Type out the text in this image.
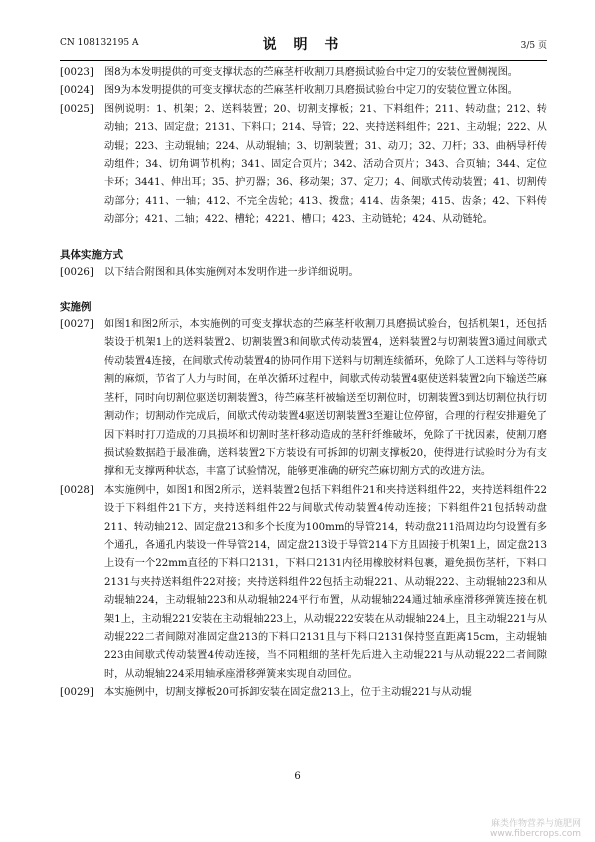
CN 108132195 A	说 明 书	3/5 页
[0023] 图8为本发明提供的可变支撑状态的苎麻茎杆收割刀具磨损试验台中定刀的安装位置侧视图。
[0024] 图9为本发明提供的可变支撑状态的苎麻茎杆收割刀具磨损试验台中定刀的安装位置立体图。
[0025] 图例说明：1、机架；2、送料装置；20、切割支撑板；21、下料组件；211、转动盘；212、转动轴；213、固定盘；2131、下料口；214、导管；22、夹持送料组件；221、主动辊；222、从动辊；223、主动辊轴；224、从动辊轴；3、切割装置；31、动刀；32、刀杆；33、曲柄导杆传动组件；34、切角调节机构；341、固定合页片；342、活动合页片；343、合页轴；344、定位卡环；3441、伸出耳；35、护刃器；36、移动架；37、定刀；4、间歇式传动装置；41、切割传动部分；411、一轴；412、不完全齿轮；413、拨盘；414、齿条架；415、齿条；42、下料传动部分；421、二轴；422、槽轮；4221、槽口；423、主动链轮；424、从动链轮。
具体实施方式
[0026] 以下结合附图和具体实施例对本发明作进一步详细说明。
实施例
[0027] 如图1和图2所示，本实施例的可变支撑状态的苎麻茎杆收割刀具磨损试验台，包括机架1，还包括装设于机架1上的送料装置2、切割装置3和间歇式传动装置4，送料装置2与切割装置3通过间歇式传动装置4连接，在间歇式传动装置4的协同作用下送料与切割连续循环，免除了人工送料与等待切割的麻烦，节省了人力与时间，在单次循环过程中，间歇式传动装置4驱使送料装置2向下输送苎麻茎杆，同时向切割位驱送切割装置3，待苎麻茎杆被输送至切割位时，切割装置3到达切割位执行切割动作；切割动作完成后，间歇式传动装置4驱送切割装置3至避让位停留，合理的行程安排避免了因下料时打刀造成的刀具损坏和切割时茎杆移动造成的茎秆纤维破坏，免除了干扰因素，使割刀磨损试验数据趋于最准确，送料装置2下方装设有可拆卸的切割支撑板20，使得进行试验时分为有支撑和无支撑两种状态，丰富了试验情况，能够更准确的研究苎麻切割方式的改进方法。
[0028] 本实施例中，如图1和图2所示，送料装置2包括下料组件21和夹持送料组件22，夹持送料组件22设于下料组件21下方，夹持送料组件22与间歇式传动装置4传动连接；下料组件21包括转动盘211、转动轴212、固定盘213和多个长度为100mm的导管214，转动盘211沿周边均匀设置有多个通孔，各通孔内装设一件导管214，固定盘213设于导管214下方且固接于机架1上，固定盘213上设有一个22mm直径的下料口2131，下料口2131内径用橡胶材料包裹，避免损伤茎杆，下料口2131与夹持送料组件22对接；夹持送料组件22包括主动辊221、从动辊222、主动辊轴223和从动辊轴224，主动辊轴223和从动辊轴224平行布置，从动辊轴224通过轴承座滑移弹簧连接在机架1上，主动辊221安装在主动辊轴223上，从动辊222安装在从动辊轴224上，且主动辊221与从动辊222二者间隙对准固定盘213的下料口2131且与下料口2131保持竖直距离15cm，主动辊轴223由间歇式传动装置4传动连接，当不同粗细的茎杆先后进入主动辊221与从动辊222二者间隙时，从动辊轴224采用轴承座滑移弹簧来实现自动回位。
[0029] 本实施例中，切割支撑板20可拆卸安装在固定盘213上，位于主动辊221与从动辊
6
麻类作物营养与施肥网
www.fibercrops.com
